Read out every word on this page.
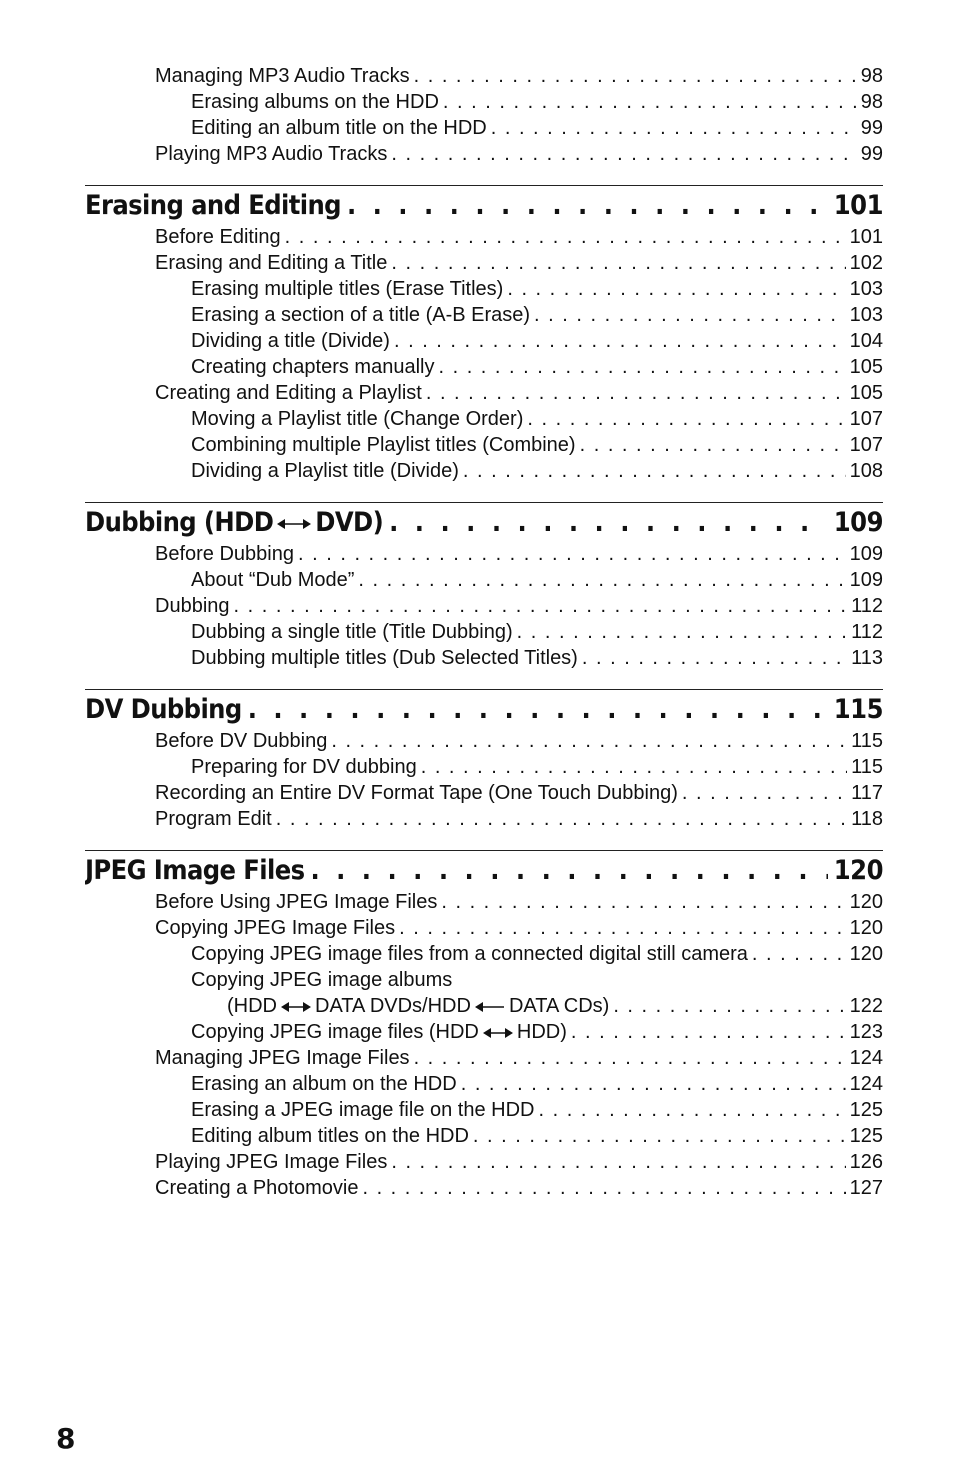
Managing MP3 Audio Tracks . . .	98
Erasing albums on the HDD . . .	98
Editing an album title on the HDD . . .	99
Playing MP3 Audio Tracks . . .	99
Erasing and Editing . . .	101
Before Editing . . .	101
Erasing and Editing a Title . . .	102
Erasing multiple titles (Erase Titles) . . .	103
Erasing a section of a title (A-B Erase) . . .	103
Dividing a title (Divide) . . .	104
Creating chapters manually . . .	105
Creating and Editing a Playlist . . .	105
Moving a Playlist title (Change Order) . . .	107
Combining multiple Playlist titles (Combine) . . .	107
Dividing a Playlist title (Divide) . . .	108
Dubbing (HDD DVD) . . .	109
Before Dubbing . . .	109
About “Dub Mode” . . .	109
Dubbing . . .	112
Dubbing a single title (Title Dubbing) . . .	112
Dubbing multiple titles (Dub Selected Titles) . . .	113
DV Dubbing . . .	115
Before DV Dubbing . . .	115
Preparing for DV dubbing . . .	115
Recording an Entire DV Format Tape (One Touch Dubbing) . . .	117
Program Edit . . .	118
JPEG Image Files . . .	120
Before Using JPEG Image Files . . .	120
Copying JPEG Image Files . . .	120
Copying JPEG image files from a connected digital still camera . . .	120
Copying JPEG image albums
(HDD DATA DVDs/HDD DATA CDs) . . .	122
Copying JPEG image files (HDD HDD) . . .	123
Managing JPEG Image Files . . .	124
Erasing an album on the HDD . . .	124
Erasing a JPEG image file on the HDD . . .	125
Editing album titles on the HDD . . .	125
Playing JPEG Image Files . . .	126
Creating a Photomovie . . .	127
8
